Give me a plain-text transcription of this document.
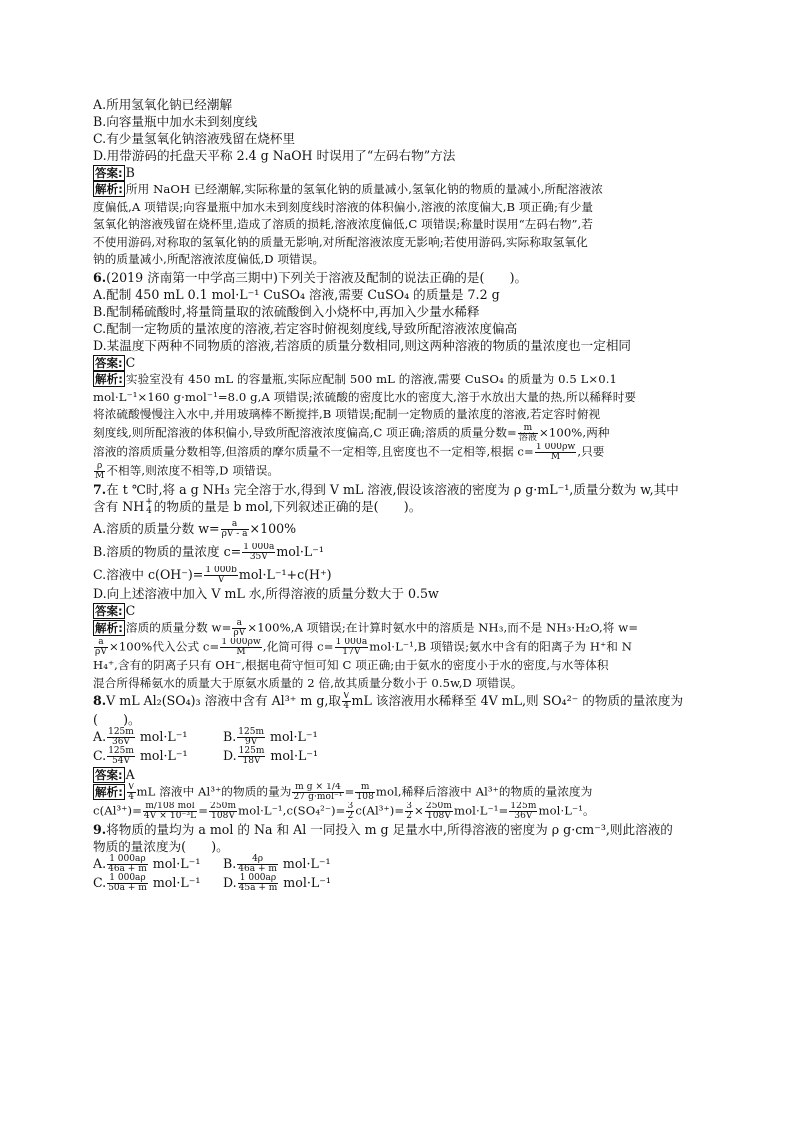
A.所用氢氧化钠已经潮解
B.向容量瓶中加水未到刻度线
C.有少量氢氧化钠溶液残留在烧杯里
D.用带游码的托盘天平称 2.4 g NaOH 时误用了“左码右物”方法
答案: B
解析: 所用 NaOH 已经潮解,实际称量的氢氧化钠的质量减小,氢氧化钠的物质的量减小,所配溶液浓
度偏低,A 项错误;向容量瓶中加水未到刻度线时溶液的体积偏小,溶液的浓度偏大,B 项正确;有少量
氢氧化钠溶液残留在烧杯里,造成了溶质的损耗,溶液浓度偏低,C 项错误;称量时误用“左码右物”,若
不使用游码,对称取的氢氧化钠的质量无影响,对所配溶液浓度无影响;若使用游码,实际称取氢氧化
钠的质量减小,所配溶液浓度偏低,D 项错误。
6.(2019 济南第一中学高三期中)下列关于溶液及配制的说法正确的是(　　)。
A.配制 450 mL 0.1 mol·L⁻¹ CuSO₄ 溶液,需要 CuSO₄ 的质量是 7.2 g
B.配制稀硫酸时,将量筒量取的浓硫酸倒入小烧杯中,再加入少量水稀释
C.配制一定物质的量浓度的溶液,若定容时俯视刻度线,导致所配溶液浓度偏高
D.某温度下两种不同物质的溶液,若溶质的质量分数相同,则这两种溶液的物质的量浓度也一定相同
答案: C
解析: 实验室没有 450 mL 的容量瓶,实际应配制 500 mL 的溶液,需要 CuSO₄ 的质量为 0.5 L×0.1
mol·L⁻¹×160 g·mol⁻¹=8.0 g,A 项错误;浓硫酸的密度比水的密度大,溶于水放出大量的热,所以稀释时要
将浓硫酸慢慢注入水中,并用玻璃棒不断搅拌,B 项错误;配制一定物质的量浓度的溶液,若定容时俯视
刻度线,则所配溶液的体积偏小,导致所配溶液浓度偏高,C 项正确;溶质的质量分数= $\frac{m}{\text{溶液}} \times 100\%$,两种
溶液的溶质质量分数相等,但溶质的摩尔质量不一定相等,且密度也不一定相等,根据 $c= \frac{1 000\rho w}{M}$ ,只要
$\frac{\rho}{M}$ 不相等,则浓度不相等,D 项错误。
7.在 t ℃时,将 a g NH₃ 完全溶于水,得到 V mL 溶液,假设该溶液的密度为 ρ g·mL⁻¹,质量分数为 w,其中
含有 NH +
4 的物质的量是 b mol,下列叙述正确的是(　　)。
A.溶质的质量分数 $w= \frac{a}{\rho V - a} \times 100\%$
B.溶质的物质的量浓度 $c= \frac{1 000a}{35V} mol\cdot L^{-1}$
C.溶液中 $c(OH^-)= \frac{1 000b}{V} mol\cdot L^{-1}+c(H^+)$
D.向上述溶液中加入 V mL 水,所得溶液的质量分数大于 0.5w
答案: C
解析: 溶质的质量分数 $w= \frac{a}{\rho V} \times 100\%,A$ 项错误;在计算时氨水中的溶质是 NH₃,而不是 NH₃·H₂O,将 w=
$\frac{a}{\rho V} \times 100\%$代入公式 $c= \frac{1 000\rho w}{M}$ ,化简可得 $c= \frac{1 000a}{17V} mol\cdot L^{-1},B$ 项错误;氨水中含有的阳离子为 H⁺和 N
H₄⁺,含有的阴离子只有 OH⁻,根据电荷守恒可知 C 项正确;由于氨水的密度小于水的密度,与水等体积
混合所得稀氨水的质量大于原氨水质量的 2 倍,故其质量分数小于 0.5w,D 项错误。
8.V mL Al₂(SO₄)₃ 溶液中含有 Al³⁺ m g,取 $\frac{V}{4}$ mL 该溶液用水稀释至 4V mL,则 SO₄²⁻ 的物质的量浓度为
(　　)。
A. $\frac{125m}{36V} mol\cdot L^{-1}$	B. $\frac{125m}{9V} mol\cdot L^{-1}$
C. $\frac{125m}{54V} mol\cdot L^{-1}$	D. $\frac{125m}{18V} mol\cdot L^{-1}$
答案: A
解析: $\frac{V}{4}$ mL 溶液中 Al³⁺的物质的量为 $\frac{\text{m g × 1/4}}{\text{27 g·mol⁻¹}} = \frac{m}{108}$ mol,稀释后溶液中 Al³⁺的物质的量浓度为
$c(Al^{3+})= \frac{\text{m/108 mol}}{\text{4V × 10⁻³L}} = \frac{250m}{108V} mol\cdot L^{-1},c(SO_4^{2-})= \frac{3}{2} c(Al^{3+})= \frac{3}{2} \times \frac{250m}{108V} mol\cdot L^{-1}= \frac{125m}{36V} mol\cdot L^{-1}$。
9.将物质的量均为 a mol 的 Na 和 Al 一同投入 m g 足量水中,所得溶液的密度为 ρ g·cm⁻³,则此溶液的
物质的量浓度为(　　)。
A. $\frac{1 000a\rho}{46a + m} mol\cdot L^{-1}$	B. $\frac{4\rho}{46a + m} mol\cdot L^{-1}$
C. $\frac{1 000a\rho}{50a + m} mol\cdot L^{-1}$	D. $\frac{1 000a\rho}{45a + m} mol\cdot L^{-1}$
